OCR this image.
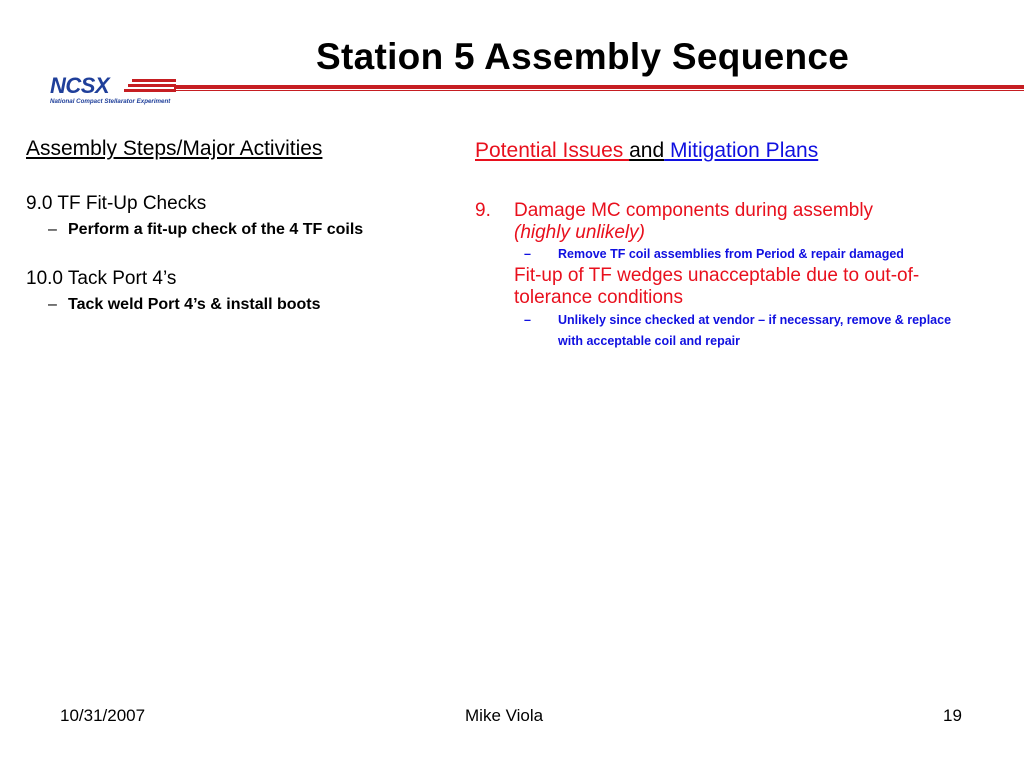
Station 5 Assembly Sequence
NCSX
National Compact Stellarator Experiment
Assembly Steps/Major Activities
9.0 TF Fit-Up Checks
– Perform a fit-up check of the 4 TF coils
10.0 Tack Port 4’s
– Tack weld Port 4’s & install boots
Potential Issues and Mitigation Plans
9. Damage MC components during assembly
(highly unlikely)
– Remove TF coil assemblies from Period & repair damaged
Fit-up of TF wedges unacceptable due to out-of-tolerance conditions
– Unlikely since checked at vendor – if necessary, remove & replace with acceptable coil and repair
10/31/2007	Mike Viola	19
